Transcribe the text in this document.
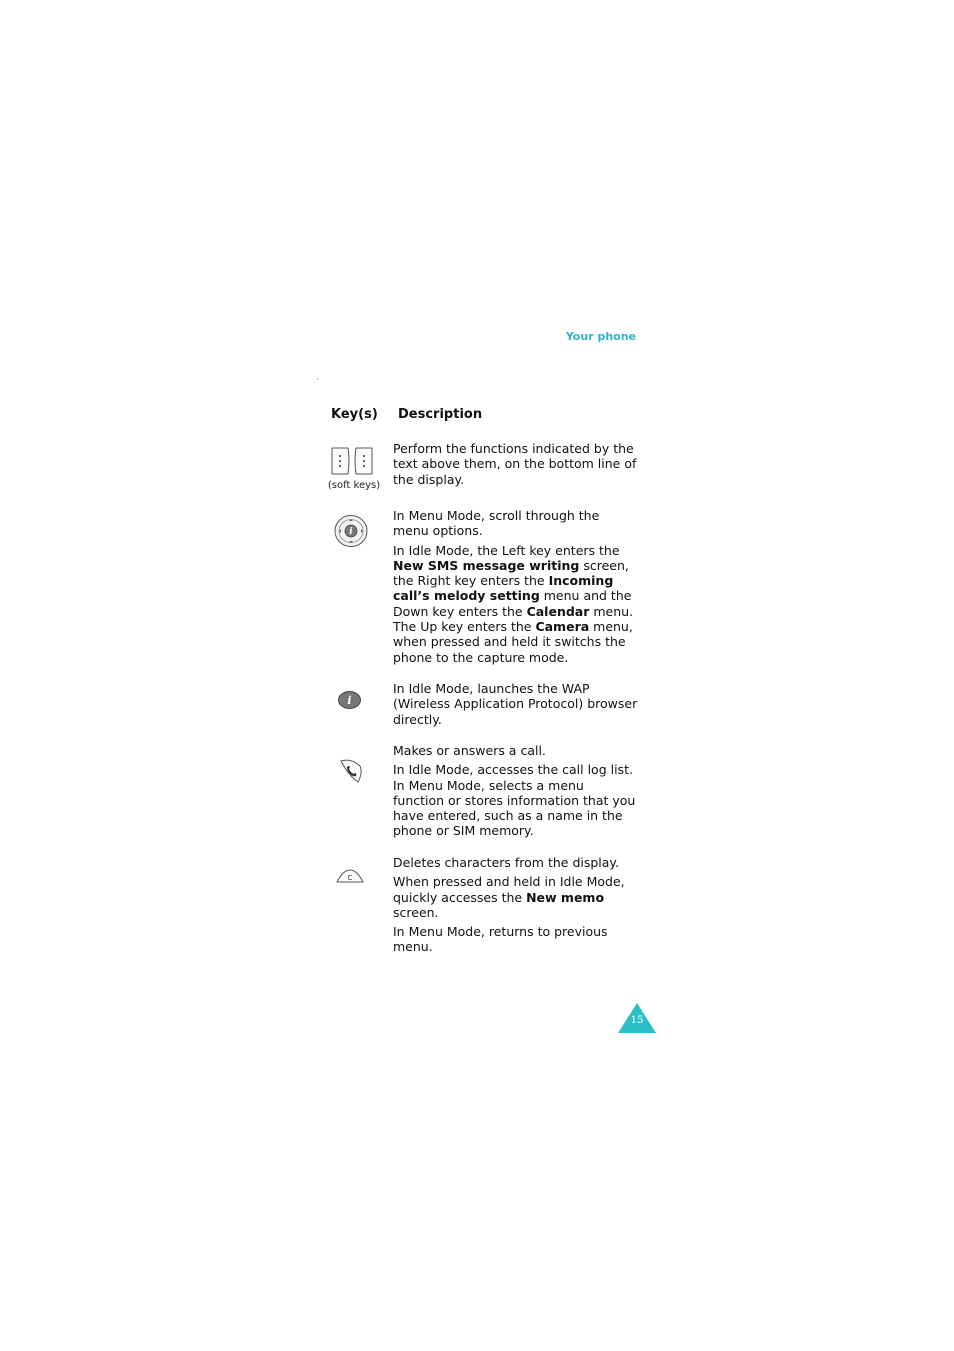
Your phone
`
Key(s) Description
(soft keys)
i
i
C

Perform the functions indicated by the text above them, on the bottom line of the display.

In Menu Mode, scroll through the menu options.

In Idle Mode, the Left key enters the New SMS message writing screen, the Right key enters the Incoming call’s melody setting menu and the Down key enters the Calendar menu. The Up key enters the Camera menu, when pressed and held it switchs the phone to the capture mode.

In Idle Mode, launches the WAP (Wireless Application Protocol) browser directly.

Makes or answers a call.

In Idle Mode, accesses the call log list. In Menu Mode, selects a menu function or stores information that you have entered, such as a name in the phone or SIM memory.

Deletes characters from the display.

When pressed and held in Idle Mode, quickly accesses the New memo screen.

In Menu Mode, returns to previous menu.

15
